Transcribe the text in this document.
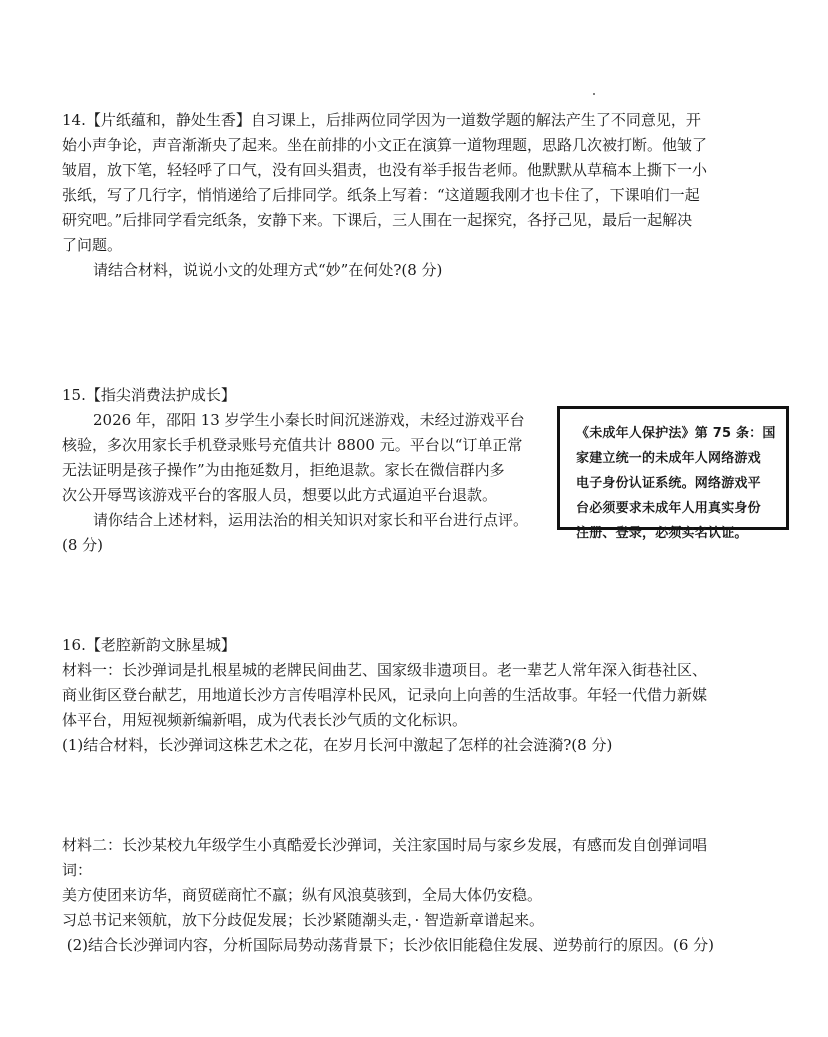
14.【片纸蕴和，静处生香】自习课上，后排两位同学因为一道数学题的解法产生了不同意见，开
始小声争论，声音渐渐央了起来。坐在前排的小文正在演算一道物理题，思路几次被打断。他皱了
皱眉，放下笔，轻轻呼了口气，没有回头猖责，也没有举手报告老师。他默默从草稿本上撕下一小
张纸，写了几行字，悄悄递给了后排同学。纸条上写着：“这道题我刚才也卡住了，下课咱们一起
研究吧。”后排同学看完纸条，安静下来。下课后，三人围在一起探究，各抒己见，最后一起解决
了问题。
请结合材料，说说小文的处理方式“妙”在何处?(8 分)
15.【指尖消费法护成长】
2026 年，邵阳 13 岁学生小秦长时间沉迷游戏，未经过游戏平台
核验，多次用家长手机登录账号充值共计 8800 元。平台以“订单正常
无法证明是孩子操作”为由拖延数月，拒绝退款。家长在微信群内多
次公开辱骂该游戏平台的客服人员，想要以此方式逼迫平台退款。
请你结合上述材料，运用法治的相关知识对家长和平台进行点评。
(8 分)
《未成年人保护法》第 75 条：国
家建立统一的未成年人网络游戏
电子身份认证系统。网络游戏平
台必须要求未成年人用真实身份
注册、登录，必须实名认证。
16.【老腔新韵文脉星城】
材料一：长沙弹词是扎根星城的老牌民间曲艺、国家级非遗项目。老一辈艺人常年深入街巷社区、
商业街区登台献艺，用地道长沙方言传唱淳朴民风，记录向上向善的生活故事。年轻一代借力新媒
体平台，用短视频新编新唱，成为代表长沙气质的文化标识。
(1)结合材料，长沙弹词这株艺术之花，在岁月长河中激起了怎样的社会涟漪?(8 分)
材料二：长沙某校九年级学生小真酷爱长沙弹词，关注家国时局与家乡发展，有感而发自创弹词唱
词：
美方使团来访华，商贸磋商忙不羸；纵有风浪莫骇到，全局大体仍安稳。
习总书记来领航，放下分歧促发展；长沙紧随潮头走，· 智造新章谱起来。
(2)结合长沙弹词内容，分析国际局势动荡背景下；长沙依旧能稳住发展、逆势前行的原因。(6 分)
